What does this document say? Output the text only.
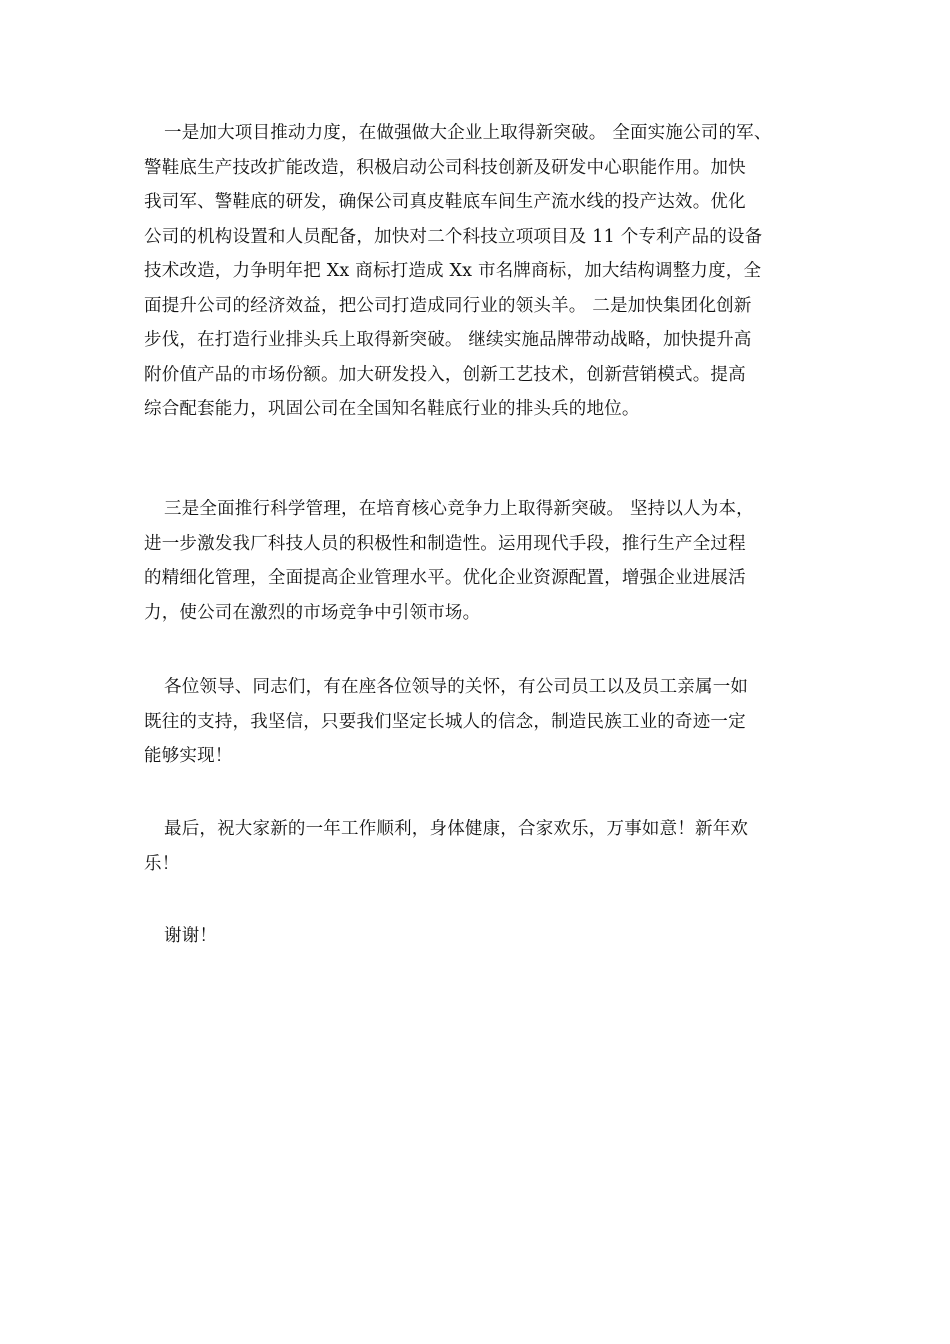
一是加大项目推动力度，在做强做大企业上取得新突破。 全面实施公司的军、
警鞋底生产技改扩能改造，积极启动公司科技创新及研发中心职能作用。加快
我司军、警鞋底的研发，确保公司真皮鞋底车间生产流水线的投产达效。优化
公司的机构设置和人员配备，加快对二个科技立项项目及 11 个专利产品的设备
技术改造，力争明年把 Xx 商标打造成 Xx 市名牌商标，加大结构调整力度，全
面提升公司的经济效益，把公司打造成同行业的领头羊。 二是加快集团化创新
步伐，在打造行业排头兵上取得新突破。 继续实施品牌带动战略，加快提升高
附价值产品的市场份额。加大研发投入，创新工艺技术，创新营销模式。提高
综合配套能力，巩固公司在全国知名鞋底行业的排头兵的地位。
三是全面推行科学管理，在培育核心竞争力上取得新突破。 坚持以人为本，
进一步激发我厂科技人员的积极性和制造性。运用现代手段，推行生产全过程
的精细化管理，全面提高企业管理水平。优化企业资源配置，增强企业进展活
力，使公司在激烈的市场竞争中引领市场。
各位领导、同志们，有在座各位领导的关怀，有公司员工以及员工亲属一如
既往的支持，我坚信，只要我们坚定长城人的信念，制造民族工业的奇迹一定
能够实现！
最后，祝大家新的一年工作顺利，身体健康，合家欢乐，万事如意！新年欢
乐！
谢谢！
